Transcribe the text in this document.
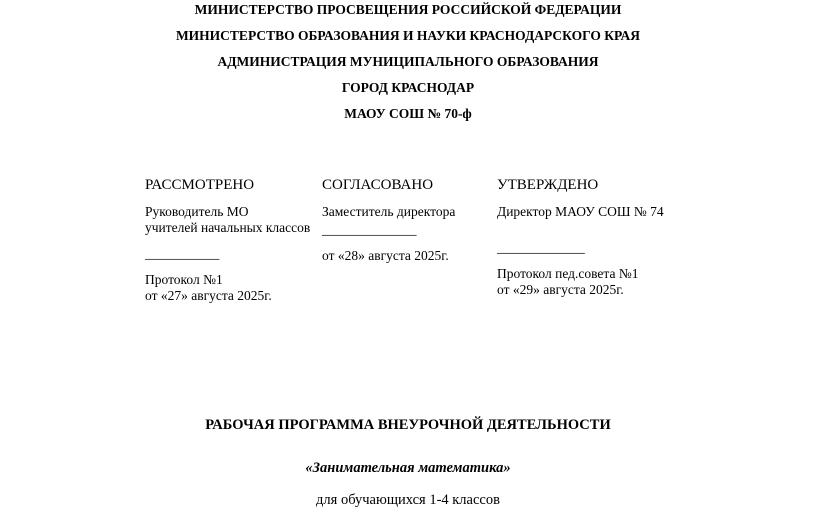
МИНИСТЕРСТВО ПРОСВЕЩЕНИЯ РОССИЙСКОЙ ФЕДЕРАЦИИ
МИНИСТЕРСТВО ОБРАЗОВАНИЯ И НАУКИ КРАСНОДАРСКОГО КРАЯ
АДМИНИСТРАЦИЯ МУНИЦИПАЛЬНОГО ОБРАЗОВАНИЯ
ГОРОД КРАСНОДАР
МАОУ СОШ № 70-ф
РАССМОТРЕНО
Руководитель МО
учителей начальных классов
___________
Протокол №1
от «27» августа 2025г.
СОГЛАСОВАНО
Заместитель директора
______________
от «28» августа 2025г.
УТВЕРЖДЕНО
Директор МАОУ СОШ № 74
_____________
Протокол пед.совета №1
от «29» августа 2025г.
РАБОЧАЯ ПРОГРАММА ВНЕУРОЧНОЙ ДЕЯТЕЛЬНОСТИ
«Занимательная математика»
для обучающихся 1-4 классов
